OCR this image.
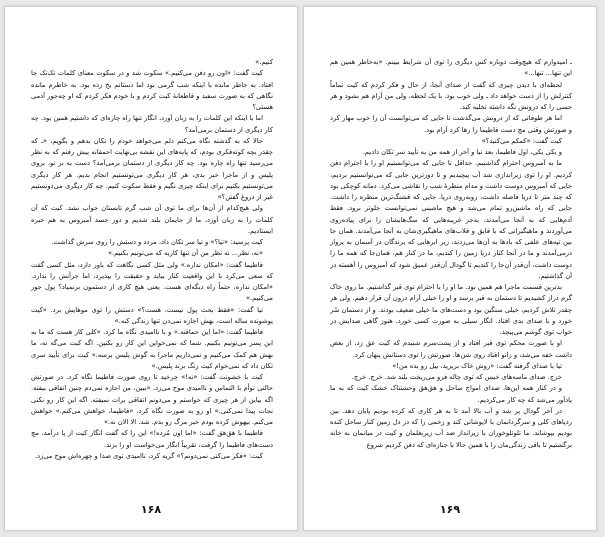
کنیم.»

کیت گفت: «اون رو دفن می‌کنیم.» سکوت شد و در سکوت معنای کلمات تک‌تک جا افتاد. به خاطر مانده با اینکه شب گرمی بود اما دستانم یخ زده بود. به خاطرم مانده نگاهی که به صورت سفید و قاطعانهٔ کیت کردم و با خودم فکر کردم که او چه‌جور آدمی هستی؟

اما با اینکه این کلمات را به زبان آورد، انگار تنها راه چاره‌ای که داشتیم همین بود. چه کار دیگری از دستمان برمی‌آمد؟

حالا که به گذشته نگاه می‌کنم دلم می‌خواهد خودم را تکان بدهم و بگویم، «ـ که چقدر بچه کوته‌فکری بودم، که پایه‌های این نقشه بی‌نهایت احمقانه پیش رفتم که به نظر می‌رسید تنها راه چاره بود. چه کار دیگری از دستمان برمی‌آمد؟ دست به بر تو، بروی پلیس و از ماجرا خبر بدی، هر کار دیگری می‌تونستیم انجام بدیم. هر کار دیگری می‌تونستیم بکنیم برای اینکه چیزی نگیم و فقط سکوت کنیم. چه کار دیگری می‌دونستیم غیر از دروغ گفتن؟»

ولی هیچ‌کدام از آن‌ها برای ما توی آن شب گرم تابستان جواب نشد. کیت که آن کلمات را به زبان آورد، ما از جایمان بلند شدیم و دور جسد آمبروس به هم خیره ایستادیم.

کیت پرسید: «تیا؟» و تیا سر تکان داد، مردد و دستش را روی سرش گذاشت.

«نه، نظر... نه نظر من آن تنها کاریه که می‌تونیم بکنیم.»

فاطیما گفت: «امکان نداره.» ولی مثل کسی نگاهت که باور دارد، مثل کسی گفت که سعی می‌کرد با این واقعیت کنار بیاید و حقیقت را بپذیرد، اما جرأتش را ندارد. «امکان نداره، حتماً راه دیگه‌ای هست. یعنی هیچ کاری از دستمون برنمیاد؟ پول جور می‌کنیم.»

تیا گفت: «فقط بحث پول نیست، هست؟» دستش را توی موهایش برد. «کیت پوشونده ساله است، بهش اجازه نمی‌دن تنها زندگی کنه.»

فاطیما گفت: «اما این حماقته.» و با ناامیدی نگاه ما کرد. «کلی کار هست که ما به این پسر می‌تونیم بکنیم. شما که نمی‌خواین این کار رو بکنین. اگه کیت می‌گه نه، ما بهش هم کمک می‌کنیم و نمی‌ذاریم ماجرا به گوش پلیس برسه.» کیت برای تأیید سری تکان داد که نمی‌خوام کیت زنگ بزند پلیس.»

کیت با خشونت گفت: «نه!» چرخید تا روی صورت فاطیما نگاه کرد. در صورتش حالتی توأم با التماس و ناامیدی موج می‌زد. «ببین، من اجازه نمی‌دم چنین اتفاقی بیفته. اگه بیاین از هر چیزی که خواستم و می‌دونم اتفاقی برات نمیفته. اگه این کار رو نکنی نجات پیدا نمی‌کنی.» او رو به صورت نگاه کرد، «فاطیما، خواهش می‌کنم.» خواهش می‌کنم. بیهوش کرده بودم خبر مرگ رو بدم. شد. الا الان نه.»

فاطیما با هق‌هق گفت: «اما اون مُرده!» این را که گفت انگار کیت از پا درآمد، مچ دست‌های فاطیما را گرفت، تقریباً انگار می‌خواست او را بزند.

کیت: «فکر می‌کنی نمی‌دونم؟» گریه کرد، ناامیدی توی صدا و چهره‌اش موج می‌زد.

۱۶۸

ـ امیدوارم که هیچ‌وقت دوباره کس دیگری را توی آن شرایط ببینم. «به‌خاطر همین هم این تنها... تنها...»

لحظه‌ای با دیدن چیزی که گفت از صدای آنجا، از حال و فکر کردم که کیت تماماً کنترلش را از دست خواهد داد ـ ولی خوب بود. با یک لحظه، ولی من آرام هم بشود و هر حسی را که درونش نگه داشته تخلیه کند.

اما هر طوفانی که از درونش می‌گذشت تا جایی که می‌توانست آن را خوب مهار کرد و صورتش وقتی مچ دست فاطیما را رها کرد آرام بود.

کیت گفت: «کمکم می‌کنید؟»

و یکی یکی، اول فاطیما، بعد تیا و آخر از همه من به تأیید سر تکان دادیم.

ما به آمبروس احترام گذاشتیم. حداقل تا جایی که می‌توانستیم او را با احترام دفن کردیم. او را توی زیراندازی شد آب پیچیدیم و تا دورترین جایی که می‌توانستیم بردیم، جایی که آمبروس دوست داشت و مدام منظرهٔ شب را نقاشی می‌کرد. دمانه کوچکی بود که چند متر تا دریا فاصله داشت، روبه‌روی دریا. جایی که قشنگ‌ترین منظره را داشت. جایی که راه ماشین‌رو تمام می‌شد و هیچ ماشینی نمی‌توانست جلوتر برود. فقط آدم‌هایی که به آنجا می‌آمدند، به‌جز غریبه‌هایی که سگ‌هایشان را برای پیاده‌روی می‌آوردند و ماهیگیرانی که با قایق و قلاب‌های ماهیگیری‌شان به آنجا می‌آمدند. همان جا بین تپه‌های علفی که بادها به آن‌ها می‌زدند، زیر ابرهایی که پرندگان در آسمان به پرواز درمی‌آمدند و ما در آنجا کنار دریا زمین را کندیم، ما در کنار هم، همان‌جا که همه ما را دوست داشت، آن‌قدر آن‌جا را کندیم تا گودال آن‌قدر عمیق شود که آمبروس را آهسته در آن گذاشتیم.

بدترین قسمت ماجرا هم همین بود. ما او را با احترام توی قبر گذاشتیم. ما روی خاک گرم دراز کشیدیم تا دستمان به قبر برسد و او را خیلی آرام درون آن قرار دهیم. ولی هر چقدر تلاش کردیم، خیلی سنگین بود و دست‌های ما خیلی ضعیف بودند. و از دستمان سُر خورد و با صدای بدی افتاد. انگار سیلی به صورت کسی خورد. هنوز گاهی صدایش در خواب توی گوشم می‌پیچد.

او با صورت محکم توی قبر افتاد و از پشت‌سرم شنیدم که کیت عق زد، از بغض داشت خفه می‌شد، و زانو افتاد روی شن‌ها. صورتش را توی دستانش پنهان کرد.

تیا با صدای گرفته گفت: «روش خاک بریزید، بیل رو بده من!»

خرچ. صدای ماسه‌های خیس که توی چاله فرو می‌ریخت بلند شد. خرچ. خرچ.

و در کنار همه این‌ها، صدای امواج ساحل و هق‌هق وحشتناک خشک کیت که به ما یادآور می‌شد که چه کار می‌کردیم.

در آخر گودال پر شد و آب بالا آمد تا به هر کاری که کرده بودیم پایان دهد. بین ردپاهای کلی و سرگردانمان با لاپوشانی کند و زخمی را که در دل زمین کنار ساحل کنده بودیم بپوشاند. ما تلوتلوخوران با زیرانداز ضد آب زیربغلمان و کیت در میانمان به خانه برگشتیم تا باقی زندگی‌مان را با همین حالا با جنازه‌ای که دفن کردیم شروع

۱۶۹
